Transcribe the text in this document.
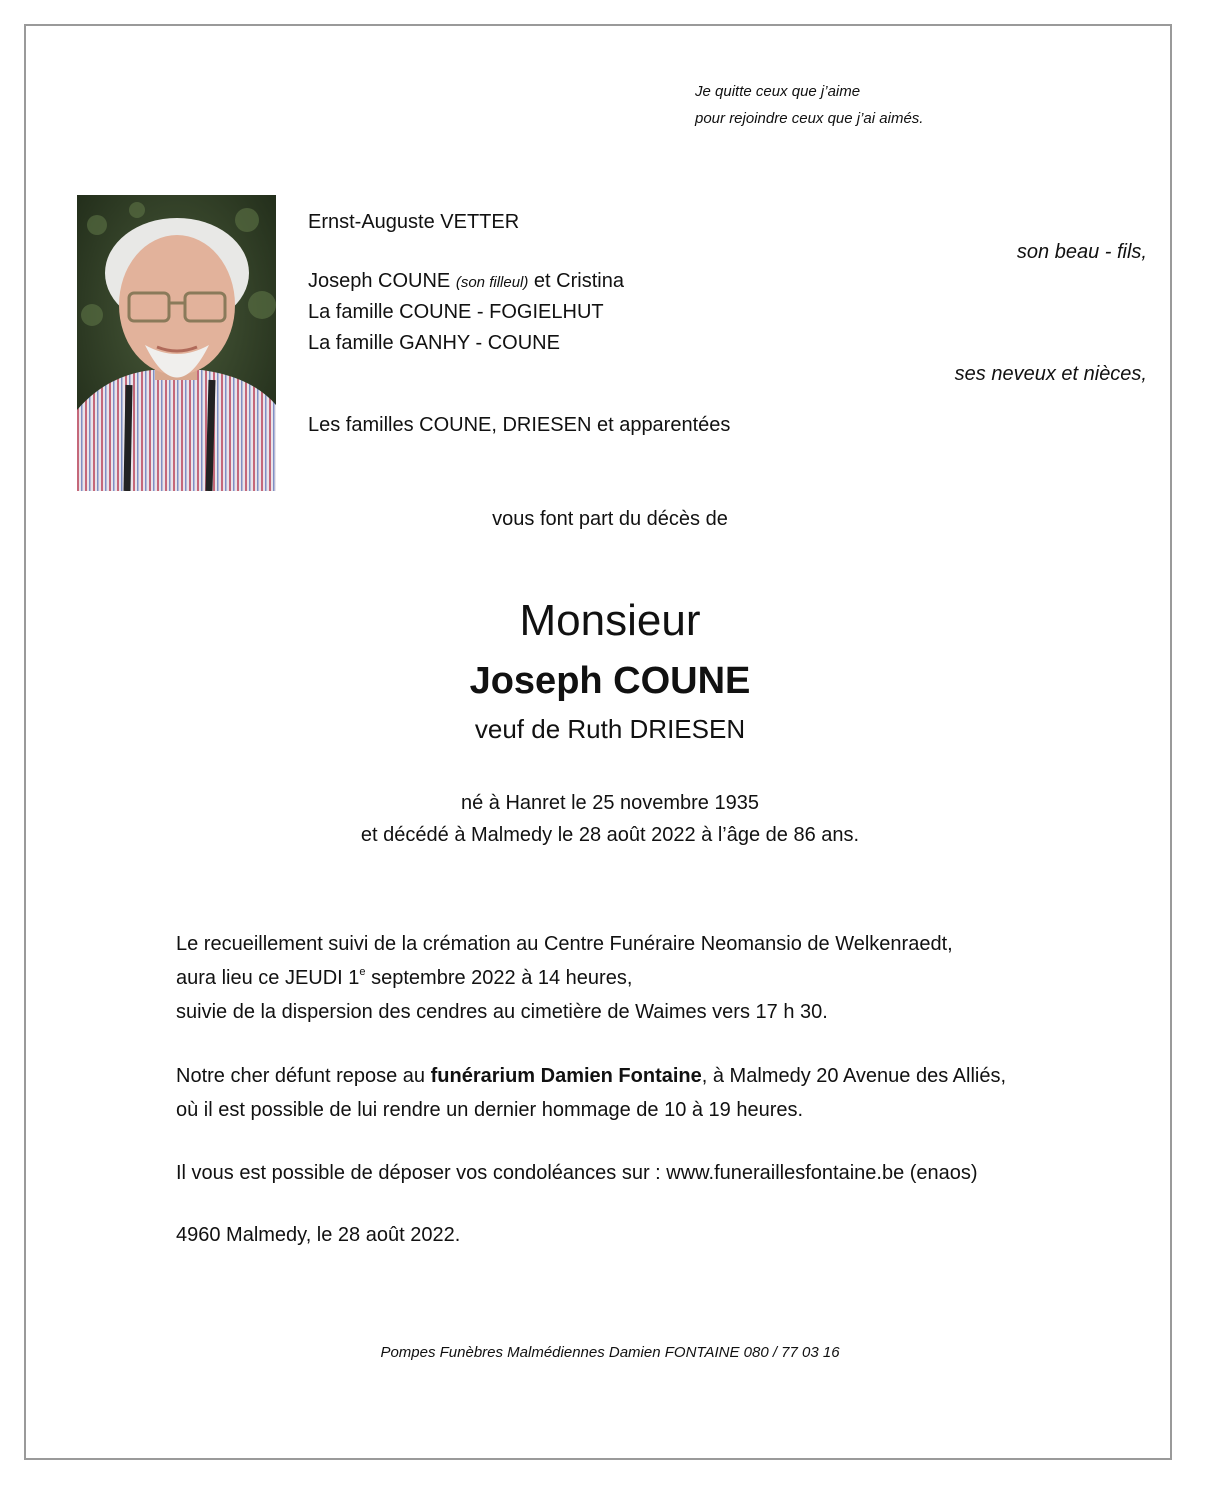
Je quitte ceux que j’aime
pour rejoindre ceux que j’ai aimés.
Ernst-Auguste VETTER
son beau - fils,
Joseph COUNE (son filleul) et Cristina
La famille COUNE - FOGIELHUT
La famille GANHY - COUNE
ses neveux et nièces,
Les familles COUNE, DRIESEN et apparentées
vous font part du décès de
Monsieur
Joseph COUNE
veuf de Ruth DRIESEN
né à Hanret le 25 novembre 1935
et décédé à Malmedy le 28 août 2022 à l’âge de 86 ans.
Le recueillement suivi de la crémation au Centre Funéraire Neomansio de Welkenraedt,
aura lieu ce JEUDI 1e septembre 2022 à 14 heures,
suivie de la dispersion des cendres au cimetière de Waimes vers 17 h 30.
Notre cher défunt repose au funérarium Damien Fontaine, à Malmedy 20 Avenue des Alliés,
où il est possible de lui rendre un dernier hommage de 10 à 19 heures.
Il vous est possible de déposer vos condoléances sur : www.funeraillesfontaine.be (enaos)
4960 Malmedy, le 28 août 2022.
Pompes Funèbres Malmédiennes Damien FONTAINE 080 / 77 03 16
